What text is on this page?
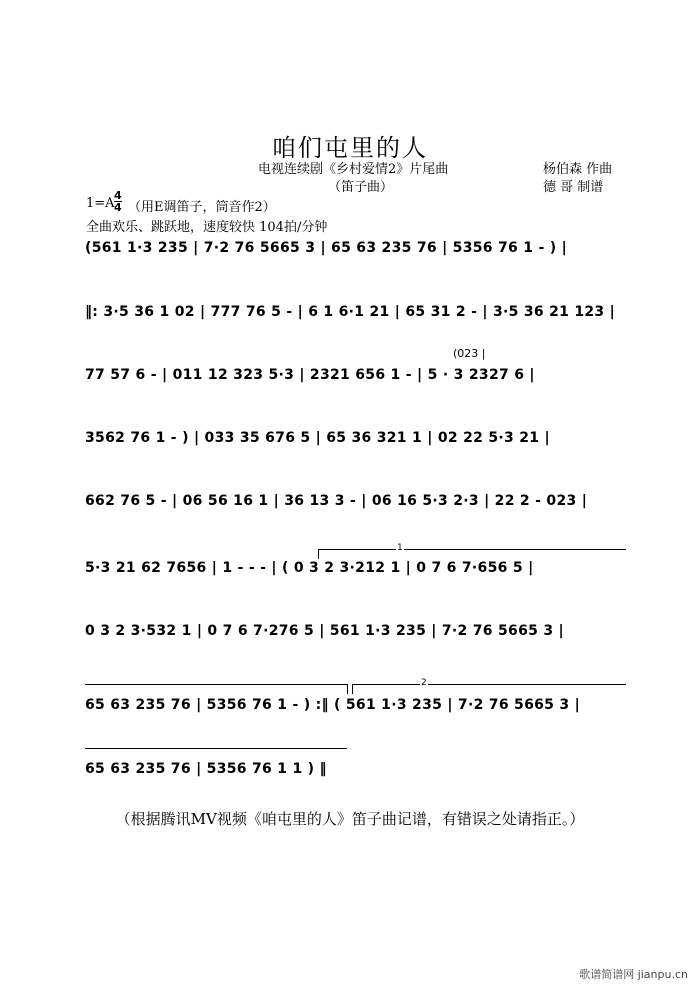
咱们屯里的人
电视连续剧《乡村爱情2》片尾曲
（笛子曲）
杨伯森 作曲
德 哥 制谱
1=A
4
4 （用E调笛子，筒音作2）
全曲欢乐、跳跃地，速度较快 104拍/分钟
(561 1·3 235 | 7·2 76 5665 3 | 65 63 235 76 | 5356 76 1 - ) |
‖: 3·5 36 1 02 | 777 76 5 - | 6 1 6·1 21 | 65 31 2 - | 3·5 36 21 123 |
(023 |
77 57 6 - | 011 12 323 5·3 | 2321 656 1 - | 5 · 3 2327 6 |
3562 76 1 - ) | 033 35 676 5 | 65 36 321 1 | 02 22 5·3 21 |
662 76 5 - | 06 56 16 1 | 36 13 3 - | 06 16 5·3 2·3 | 22 2 - 023 |
1
5·3 21 62 7656 | 1 - - - | ( 0 3 2 3·212 1 | 0 7 6 7·656 5 |
0 3 2 3·532 1 | 0 7 6 7·276 5 | 561 1·3 235 | 7·2 76 5665 3 |
2
65 63 235 76 | 5356 76 1 - ) :‖ ( 561 1·3 235 | 7·2 76 5665 3 |
65 63 235 76 | 5356 76 1 1 ) ‖
（根据腾讯MV视频《咱屯里的人》笛子曲记谱，有错误之处请指正。）
歌谱简谱网 jianpu.cn
